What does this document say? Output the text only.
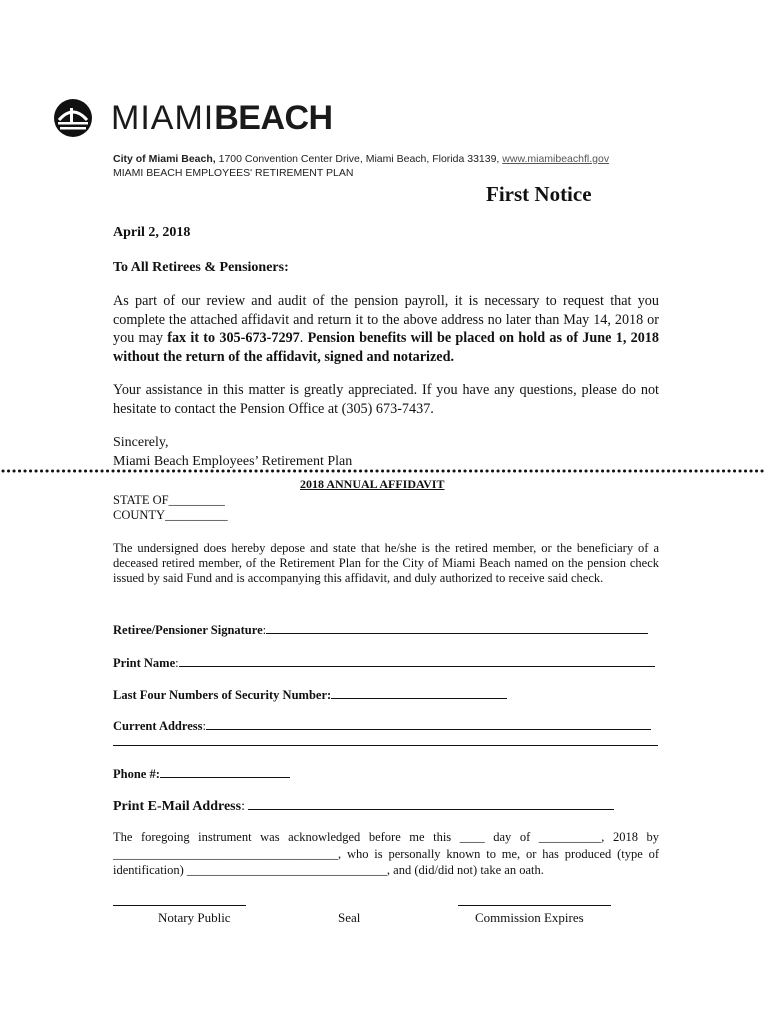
MIAMIBEACH
City of Miami Beach, 1700 Convention Center Drive, Miami Beach, Florida 33139, www.miamibeachfl.gov
MIAMI BEACH EMPLOYEES' RETIREMENT PLAN
First Notice
April 2, 2018
To All Retirees & Pensioners:
As part of our review and audit of the pension payroll, it is necessary to request that you complete the attached affidavit and return it to the above address no later than May 14, 2018 or you may fax it to 305-673-7297. Pension benefits will be placed on hold as of June 1, 2018 without the return of the affidavit, signed and notarized.
Your assistance in this matter is greatly appreciated. If you have any questions, please do not hesitate to contact the Pension Office at (305) 673-7437.
Sincerely,
Miami Beach Employees’ Retirement Plan
2018 ANNUAL AFFIDAVIT
STATE OF_________
COUNTY__________
The undersigned does hereby depose and state that he/she is the retired member, or the beneficiary of a deceased retired member, of the Retirement Plan for the City of Miami Beach named on the pension check issued by said Fund and is accompanying this affidavit, and duly authorized to receive said check.
Retiree/Pensioner Signature:
Print Name:
Last Four Numbers of Security Number:
Current Address:
Phone #:
Print E-Mail Address:
The foregoing instrument was acknowledged before me this ____ day of __________, 2018 by ____________________________________, who is personally known to me, or has produced (type of identification) ________________________________, and (did/did not) take an oath.
Notary Public	Seal	Commission Expires
